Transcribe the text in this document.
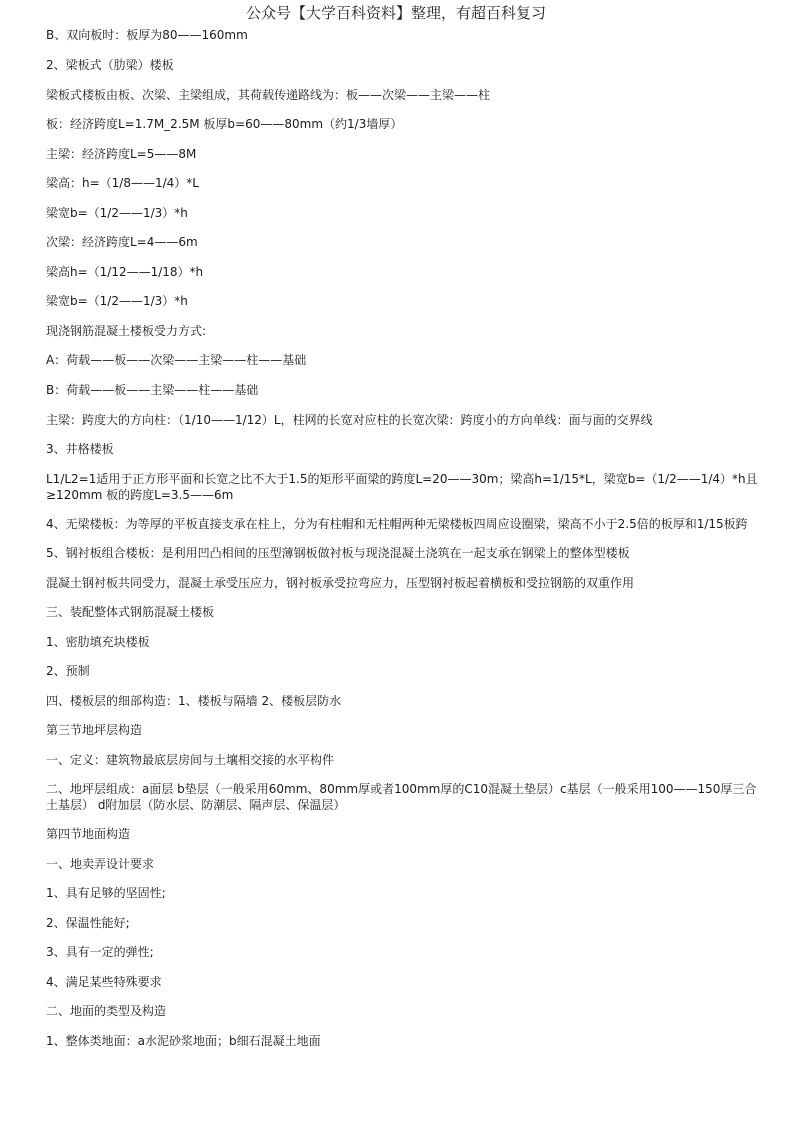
公众号【大学百科资料】整理，有超百科复习

B、双向板时：板厚为80——160mm

2、梁板式（肋梁）楼板

梁板式楼板由板、次梁、主梁组成，其荷载传递路线为：板——次梁——主梁——柱

板：经济跨度L=1.7M_2.5M 板厚b=60——80mm（约1/3墙厚）

主梁：经济跨度L=5——8M

梁高：h=（1/8——1/4）*L

梁宽b=（1/2——1/3）*h

次梁：经济跨度L=4——6m

梁高h=（1/12——1/18）*h

梁宽b=（1/2——1/3）*h

现浇钢筋混凝土楼板受力方式:

A：荷载——板——次梁——主梁——柱——基础

B：荷载——板——主梁——柱——基础

主梁：跨度大的方向柱：（1/10——1/12）L，柱网的长宽对应柱的长宽次梁：跨度小的方向单线：面与面的交界线

3、井格楼板

L1/L2=1适用于正方形平面和长宽之比不大于1.5的矩形平面梁的跨度L=20——30m；梁高h=1/15*L，梁宽b=（1/2——1/4）*h且≥120mm 板的跨度L=3.5——6m

4、无梁楼板：为等厚的平板直接支承在柱上，分为有柱帽和无柱帽两种无梁楼板四周应设圈梁，梁高不小于2.5倍的板厚和1/15板跨

5、钢衬板组合楼板：是利用凹凸相间的压型薄钢板做衬板与现浇混凝土浇筑在一起支承在钢梁上的整体型楼板

混凝土钢衬板共同受力，混凝土承受压应力，钢衬板承受拉弯应力，压型钢衬板起着横板和受拉钢筋的双重作用

三、装配整体式钢筋混凝土楼板

1、密肋填充块楼板

2、预制

四、楼板层的细部构造：1、楼板与隔墙 2、楼板层防水

第三节地坪层构造

一、定义：建筑物最底层房间与土壤相交接的水平构件

二、地坪层组成：a面层 b垫层（一般采用60mm、80mm厚或者100mm厚的C10混凝土垫层）c基层（一般采用100——150厚三合土基层） d附加层（防水层、防潮层、隔声层、保温层）

第四节地面构造

一、地卖弄设计要求

1、具有足够的坚固性;

2、保温性能好;

3、具有一定的弹性;

4、满足某些特殊要求

二、地面的类型及构造

1、整体类地面：a水泥砂浆地面；b细石混凝土地面
